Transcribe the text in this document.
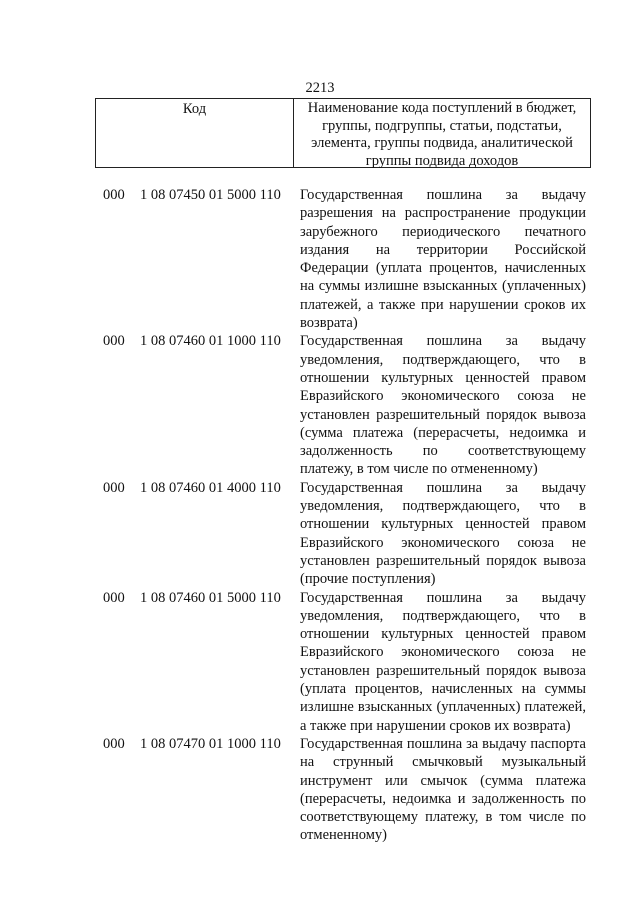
2213
Код	Наименование кода поступлений в бюджет, группы, подгруппы, статьи, подстатьи, элемента, группы подвида, аналитической группы подвида доходов
000	1 08 07450 01 5000 110	Государственная пошлина за выдачу разрешения на распространение продукции зарубежного периодического печатного издания на территории Российской Федерации (уплата процентов, начисленных на суммы излишне взысканных (уплаченных) платежей, а также при нарушении сроков их возврата)
000	1 08 07460 01 1000 110	Государственная пошлина за выдачу уведомления, подтверждающего, что в отношении культурных ценностей правом Евразийского экономического союза не установлен разрешительный порядок вывоза (сумма платежа (перерасчеты, недоимка и задолженность по соответствующему платежу, в том числе по отмененному)
000	1 08 07460 01 4000 110	Государственная пошлина за выдачу уведомления, подтверждающего, что в отношении культурных ценностей правом Евразийского экономического союза не установлен разрешительный порядок вывоза (прочие поступления)
000	1 08 07460 01 5000 110	Государственная пошлина за выдачу уведомления, подтверждающего, что в отношении культурных ценностей правом Евразийского экономического союза не установлен разрешительный порядок вывоза (уплата процентов, начисленных на суммы излишне взысканных (уплаченных) платежей, а также при нарушении сроков их возврата)
000	1 08 07470 01 1000 110	Государственная пошлина за выдачу паспорта на струнный смычковый музыкальный инструмент или смычок (сумма платежа (перерасчеты, недоимка и задолженность по соответствующему платежу, в том числе по отмененному)
